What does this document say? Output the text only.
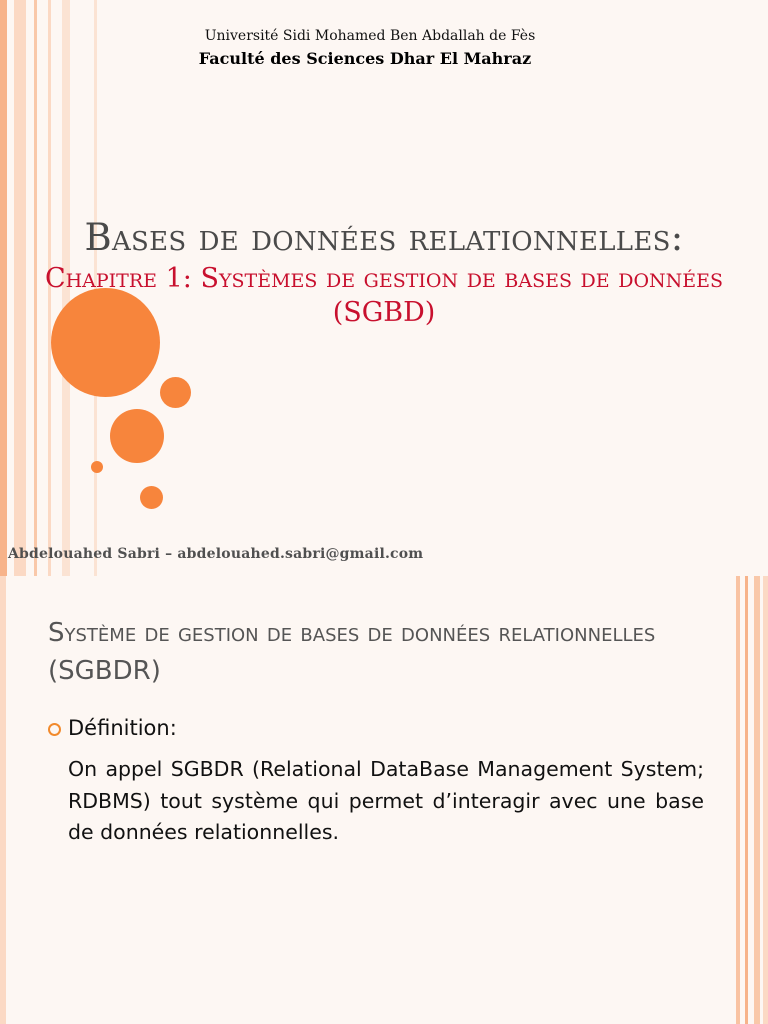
Université Sidi Mohamed Ben Abdallah de Fès
Faculté des Sciences Dhar El Mahraz
Bases de données relationnelles:
Chapitre 1: Systèmes de gestion de bases de données (SGBD)
Abdelouahed Sabri – abdelouahed.sabri@gmail.com
Système de gestion de bases de données relationnelles (SGBDR)
Définition:
On appel SGBDR (Relational DataBase Management System; RDBMS) tout système qui permet d’interagir avec une base de données relationnelles.
